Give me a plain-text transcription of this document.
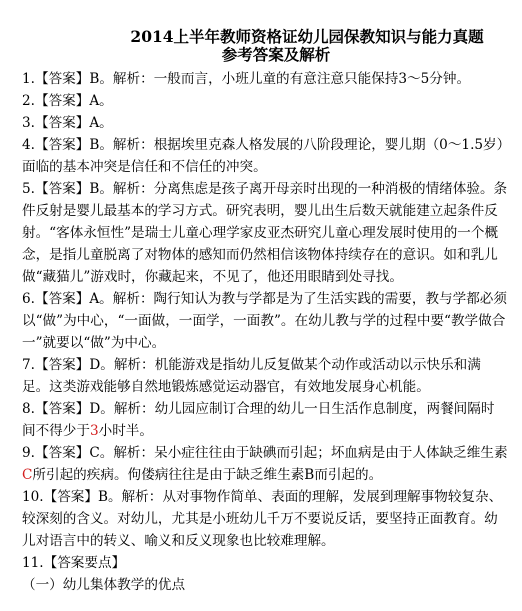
2014上半年教师资格证幼儿园保教知识与能力真题
参考答案及解析

1.【答案】B。解析：一般而言，小班儿童的有意注意只能保持3～5分钟。

2.【答案】A。

3.【答案】A。

4.【答案】B。解析：根据埃里克森人格发展的八阶段理论，婴儿期（0～1.5岁）面临的基本冲突是信任和不信任的冲突。

5.【答案】B。解析：分离焦虑是孩子离开母亲时出现的一种消极的情绪体验。条件反射是婴儿最基本的学习方式。研究表明，婴儿出生后数天就能建立起条件反射。“客体永恒性”是瑞士儿童心理学家皮亚杰研究儿童心理发展时使用的一个概念，是指儿童脱离了对物体的感知而仍然相信该物体持续存在的意识。如和乳儿做“藏猫儿”游戏时，你藏起来，不见了，他还用眼睛到处寻找。

6.【答案】A。解析：陶行知认为教与学都是为了生活实践的需要，教与学都必须以“做”为中心，“一面做，一面学，一面教”。在幼儿教与学的过程中要“教学做合一”就要以“做”为中心。

7.【答案】D。解析：机能游戏是指幼儿反复做某个动作或活动以示快乐和满足。这类游戏能够自然地锻炼感觉运动器官，有效地发展身心机能。

8.【答案】D。解析：幼儿园应制订合理的幼儿一日生活作息制度，两餐间隔时间不得少于3小时半。

9.【答案】C。解析：呆小症往往由于缺碘而引起；坏血病是由于人体缺乏维生素C所引起的疾病。佝偻病往往是由于缺乏维生素B而引起的。

10.【答案】B。解析：从对事物作简单、表面的理解，发展到理解事物较复杂、较深刻的含义。对幼儿，尤其是小班幼儿千万不要说反话，要坚持正面教育。幼儿对语言中的转义、喻义和反义现象也比较难理解。

11.【答案要点】

（一）幼儿集体教学的优点
